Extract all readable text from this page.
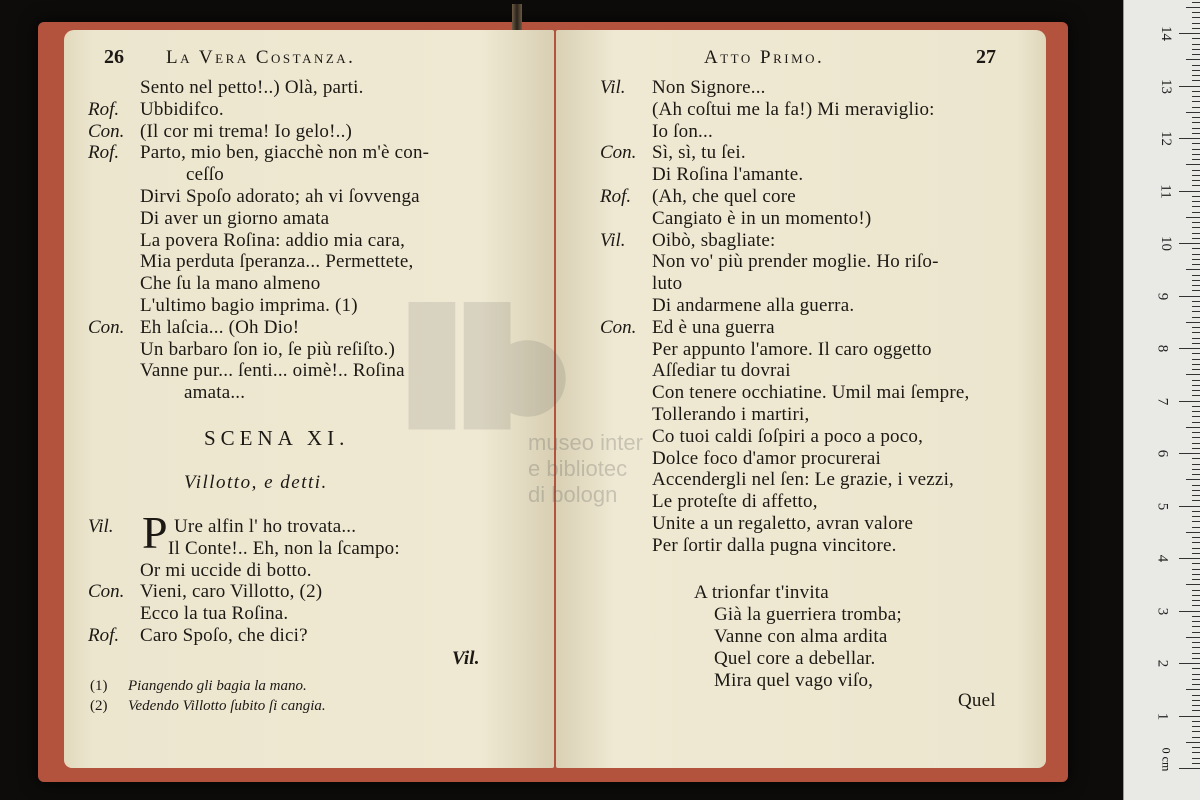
26 La Vera Costanza.
Sento nel petto!..) Olà, parti.
Rof. Ubbidifco.
Con. (Il cor mi trema! Io gelo!..)
Rof. Parto, mio ben, giacchè non m'è con-
ceſſo
Dirvi Spoſo adorato; ah vi ſovvenga
Di aver un giorno amata
La povera Roſina: addio mia cara,
Mia perduta ſperanza... Permettete,
Che ſu la mano almeno
L'ultimo bagio imprima. (1)
Con. Eh laſcia... (Oh Dio!
Un barbaro ſon io, ſe più reſiſto.)
Vanne pur... ſenti... oimè!.. Roſina
amata...
SCENA XI.
Villotto, e detti.
P
Vil.	Ure alfin l' ho trovata...
Il Conte!.. Eh, non la ſcampo:
Or mi uccide di botto.
Con. Vieni, caro Villotto, (2)
Ecco la tua Roſina.
Rof. Caro Spoſo, che dici?
Vil.
(1) Piangendo gli bagia la mano.
(2) Vedendo Villotto ſubito ſi cangia.
Atto Primo.	27
Vil. Non Signore...
(Ah coſtui me la fa!) Mi meraviglio:
Io ſon...
Con. Sì, sì, tu ſei.
Di Roſina l'amante.
Rof. (Ah, che quel core
Cangiato è in un momento!)
Vil. Oibò, sbagliate:
Non vo' più prender moglie. Ho riſo-
luto
Di andarmene alla guerra.
Con. Ed è una guerra
Per appunto l'amore. Il caro oggetto
Aſſediar tu dovrai
Con tenere occhiatine. Umil mai ſempre,
Tollerando i martiri,
Co tuoi caldi ſoſpiri a poco a poco,
Dolce foco d'amor procurerai
Accendergli nel ſen: Le grazie, i vezzi,
Le proteſte di affetto,
Unite a un regaletto, avran valore
Per ſortir dalla pugna vincitore.
A trionfar t'invita
Già la guerriera tromba;
Vanne con alma ardita
Quel core a debellar.
Mira quel vago viſo,
Quel
museo inter
e bibliotec
di bologn
1
2
3
4
5
6
7
8
9
10
11
12
13
14
0 cm
